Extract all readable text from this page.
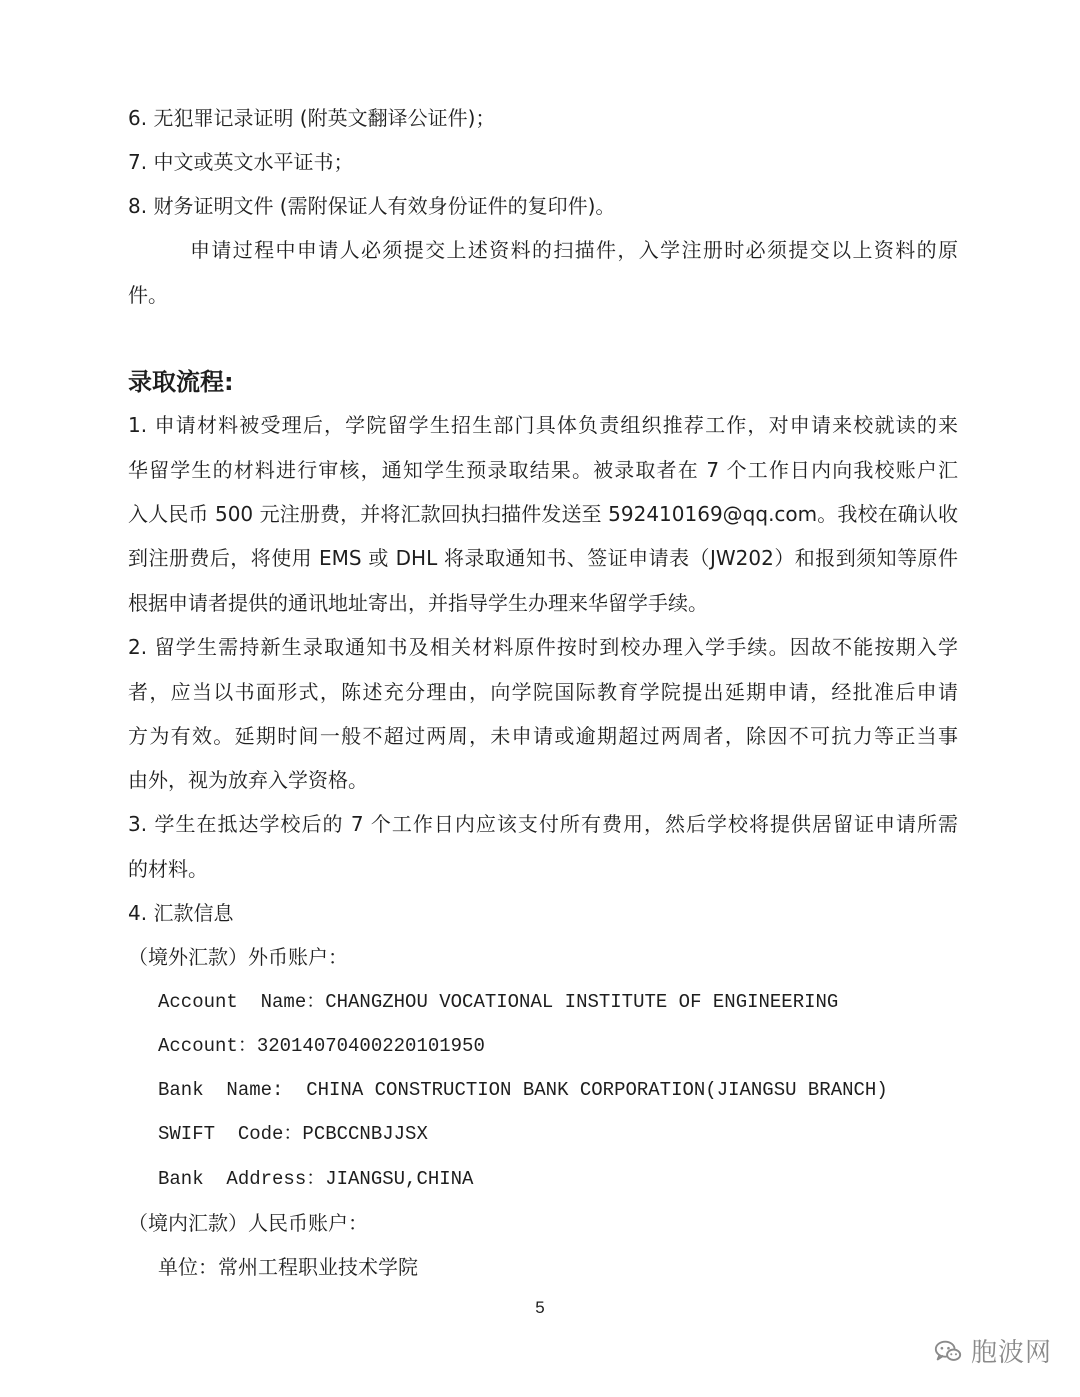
6. 无犯罪记录证明 (附英文翻译公证件)；
7. 中文或英文水平证书；
8. 财务证明文件 (需附保证人有效身份证件的复印件)。
申请过程中申请人必须提交上述资料的扫描件，入学注册时必须提交以上资料的原
件。
录取流程:
1. 申请材料被受理后，学院留学生招生部门具体负责组织推荐工作，对申请来校就读的来
华留学生的材料进行审核，通知学生预录取结果。被录取者在 7 个工作日内向我校账户汇
入人民币 500 元注册费，并将汇款回执扫描件发送至 592410169@qq.com。我校在确认收
到注册费后，将使用 EMS 或 DHL 将录取通知书、签证申请表（JW202）和报到须知等原件
根据申请者提供的通讯地址寄出，并指导学生办理来华留学手续。
2. 留学生需持新生录取通知书及相关材料原件按时到校办理入学手续。因故不能按期入学
者，应当以书面形式，陈述充分理由，向学院国际教育学院提出延期申请，经批准后申请
方为有效。延期时间一般不超过两周，未申请或逾期超过两周者，除因不可抗力等正当事
由外，视为放弃入学资格。
3. 学生在抵达学校后的 7 个工作日内应该支付所有费用，然后学校将提供居留证申请所需
的材料。
4. 汇款信息
（境外汇款）外币账户：
Account  Name：CHANGZHOU VOCATIONAL INSTITUTE OF ENGINEERING
Account：32014070400220101950
Bank  Name:  CHINA CONSTRUCTION BANK CORPORATION(JIANGSU BRANCH)
SWIFT  Code：PCBCCNBJJSX
Bank  Address：JIANGSU,CHINA
（境内汇款）人民币账户：
单位：常州工程职业技术学院
5
胞波网
